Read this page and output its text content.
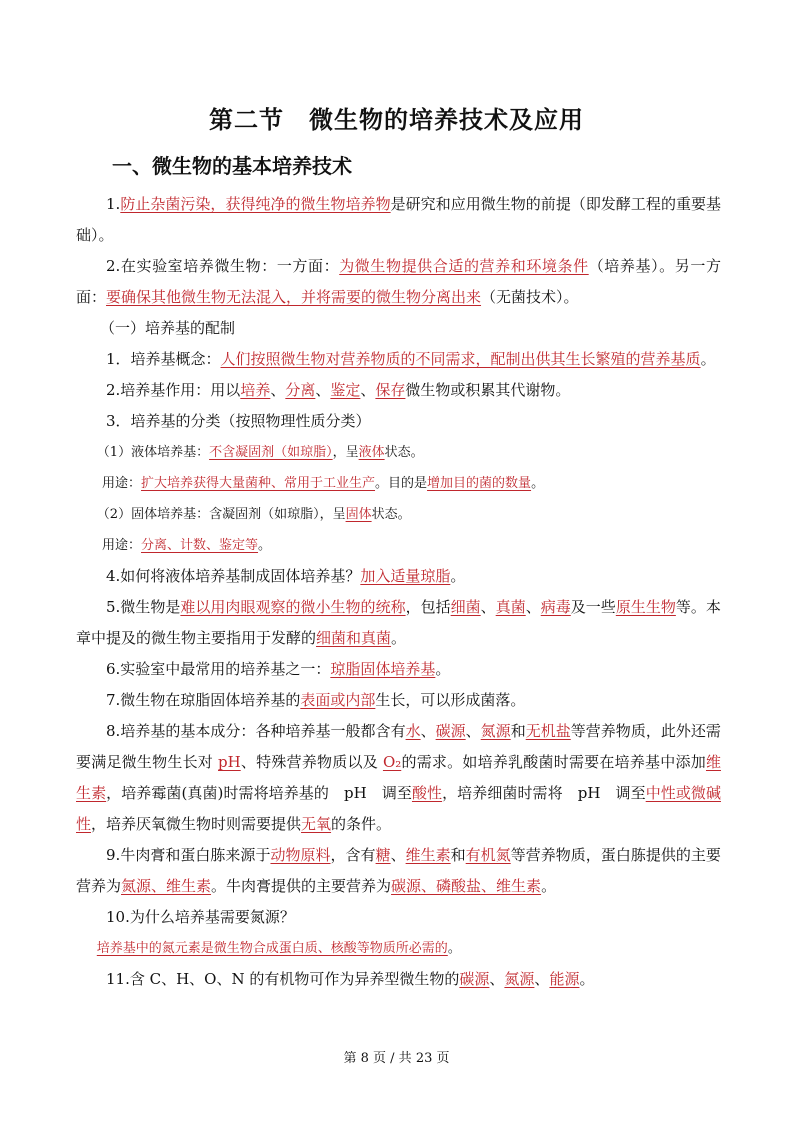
第二节　微生物的培养技术及应用
一、微生物的基本培养技术

1.防止杂菌污染，获得纯净的微生物培养物是研究和应用微生物的前提（即发酵工程的重要基础）。

2.在实验室培养微生物：一方面：为微生物提供合适的营养和环境条件（培养基）。另一方面：要确保其他微生物无法混入，并将需要的微生物分离出来（无菌技术）。

（一）培养基的配制

1．培养基概念：人们按照微生物对营养物质的不同需求，配制出供其生长繁殖的营养基质。

2.培养基作用：用以培养、分离、鉴定、保存微生物或积累其代谢物。

3．培养基的分类（按照物理性质分类）

（1）液体培养基：不含凝固剂（如琼脂），呈液体状态。

用途：扩大培养获得大量菌种、常用于工业生产。目的是增加目的菌的数量。

（2）固体培养基：含凝固剂（如琼脂），呈固体状态。

用途：分离、计数、鉴定等。

4.如何将液体培养基制成固体培养基？加入适量琼脂。

5.微生物是难以用肉眼观察的微小生物的统称，包括细菌、真菌、病毒及一些原生生物等。本章中提及的微生物主要指用于发酵的细菌和真菌。

6.实验室中最常用的培养基之一：琼脂固体培养基。

7.微生物在琼脂固体培养基的表面或内部生长，可以形成菌落。

8.培养基的基本成分：各种培养基一般都含有水、碳源、氮源和无机盐等营养物质，此外还需要满足微生物生长对 pH、特殊营养物质以及 O₂的需求。如培养乳酸菌时需要在培养基中添加维生素，培养霉菌(真菌)时需将培养基的　pH　调至酸性，培养细菌时需将　pH　调至中性或微碱性，培养厌氧微生物时则需要提供无氧的条件。

9.牛肉膏和蛋白胨来源于动物原料，含有糖、维生素和有机氮等营养物质，蛋白胨提供的主要营养为氮源、维生素。牛肉膏提供的主要营养为碳源、磷酸盐、维生素。

10.为什么培养基需要氮源？

培养基中的氮元素是微生物合成蛋白质、核酸等物质所必需的。

11.含 C、H、O、N 的有机物可作为异养型微生物的碳源、氮源、能源。

第 8 页 / 共 23 页
